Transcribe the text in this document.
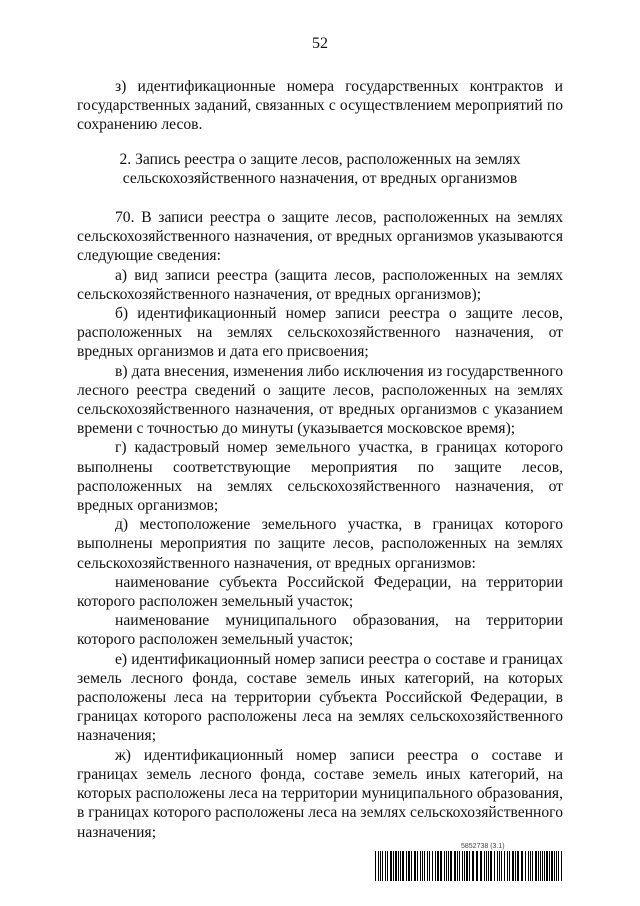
52

з) идентификационные номера государственных контрактов и государственных заданий, связанных с осуществлением мероприятий по сохранению лесов.

2. Запись реестра о защите лесов, расположенных на землях
сельскохозяйственного назначения, от вредных организмов

70. В записи реестра о защите лесов, расположенных на землях сельскохозяйственного назначения, от вредных организмов указываются следующие сведения:

а) вид записи реестра (защита лесов, расположенных на землях сельскохозяйственного назначения, от вредных организмов);

б) идентификационный номер записи реестра о защите лесов, расположенных на землях сельскохозяйственного назначения, от вредных организмов и дата его присвоения;

в) дата внесения, изменения либо исключения из государственного лесного реестра сведений о защите лесов, расположенных на землях сельскохозяйственного назначения, от вредных организмов с указанием времени с точностью до минуты (указывается московское время);

г) кадастровый номер земельного участка, в границах которого выполнены соответствующие мероприятия по защите лесов, расположенных на землях сельскохозяйственного назначения, от вредных организмов;

д) местоположение земельного участка, в границах которого выполнены мероприятия по защите лесов, расположенных на землях сельскохозяйственного назначения, от вредных организмов:

наименование субъекта Российской Федерации, на территории которого расположен земельный участок;

наименование муниципального образования, на территории которого расположен земельный участок;

е) идентификационный номер записи реестра о составе и границах земель лесного фонда, составе земель иных категорий, на которых расположены леса на территории субъекта Российской Федерации, в границах которого расположены леса на землях сельскохозяйственного назначения;

ж) идентификационный номер записи реестра о составе и границах земель лесного фонда, составе земель иных категорий, на которых расположены леса на территории муниципального образования, в границах которого расположены леса на землях сельскохозяйственного назначения;

5852738 (3.1)
